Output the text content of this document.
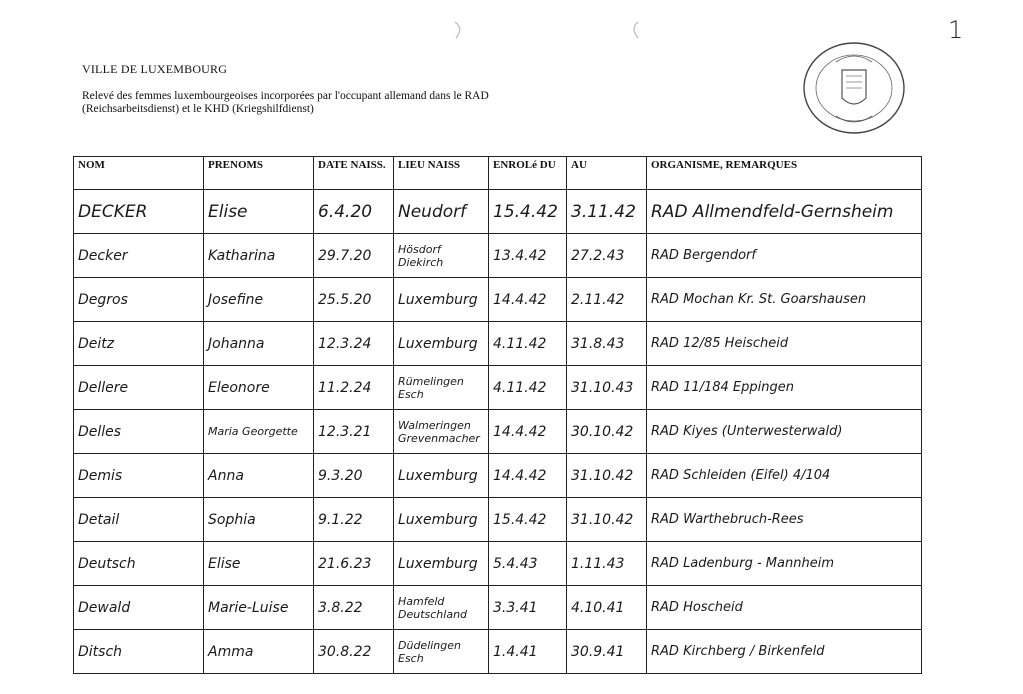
1
VILLE DE LUXEMBOURG
Relevé des femmes luxembourgeoises incorporées par l'occupant allemand dans le RAD (Reichsarbeitsdienst) et le KHD (Kriegshilfdienst)
NOM	PRENOMS	DATE NAISS.	LIEU NAISS	ENROLé DU	AU	ORGANISME, REMARQUES
DECKER	Elise	6.4.20	Neudorf	15.4.42	3.11.42	RAD Allmendfeld-Gernsheim
Decker	Katharina	29.7.20	Hösdorf Diekirch	13.4.42	27.2.43	RAD Bergendorf
Degros	Josefine	25.5.20	Luxemburg	14.4.42	2.11.42	RAD Mochan Kr. St. Goarshausen
Deitz	Johanna	12.3.24	Luxemburg	4.11.42	31.8.43	RAD 12/85 Heischeid
Dellere	Eleonore	11.2.24	Rümelingen Esch	4.11.42	31.10.43	RAD 11/184 Eppingen
Delles	Maria Georgette	12.3.21	Walmeringen Grevenmacher	14.4.42	30.10.42	RAD Kiyes (Unterwesterwald)
Demis	Anna	9.3.20	Luxemburg	14.4.42	31.10.42	RAD Schleiden (Eifel) 4/104
Detail	Sophia	9.1.22	Luxemburg	15.4.42	31.10.42	RAD Warthebruch-Rees
Deutsch	Elise	21.6.23	Luxemburg	5.4.43	1.11.43	RAD Ladenburg - Mannheim
Dewald	Marie-Luise	3.8.22	Hamfeld Deutschland	3.3.41	4.10.41	RAD Hoscheid
Ditsch	Amma	30.8.22	Düdelingen Esch	1.4.41	30.9.41	RAD Kirchberg / Birkenfeld
